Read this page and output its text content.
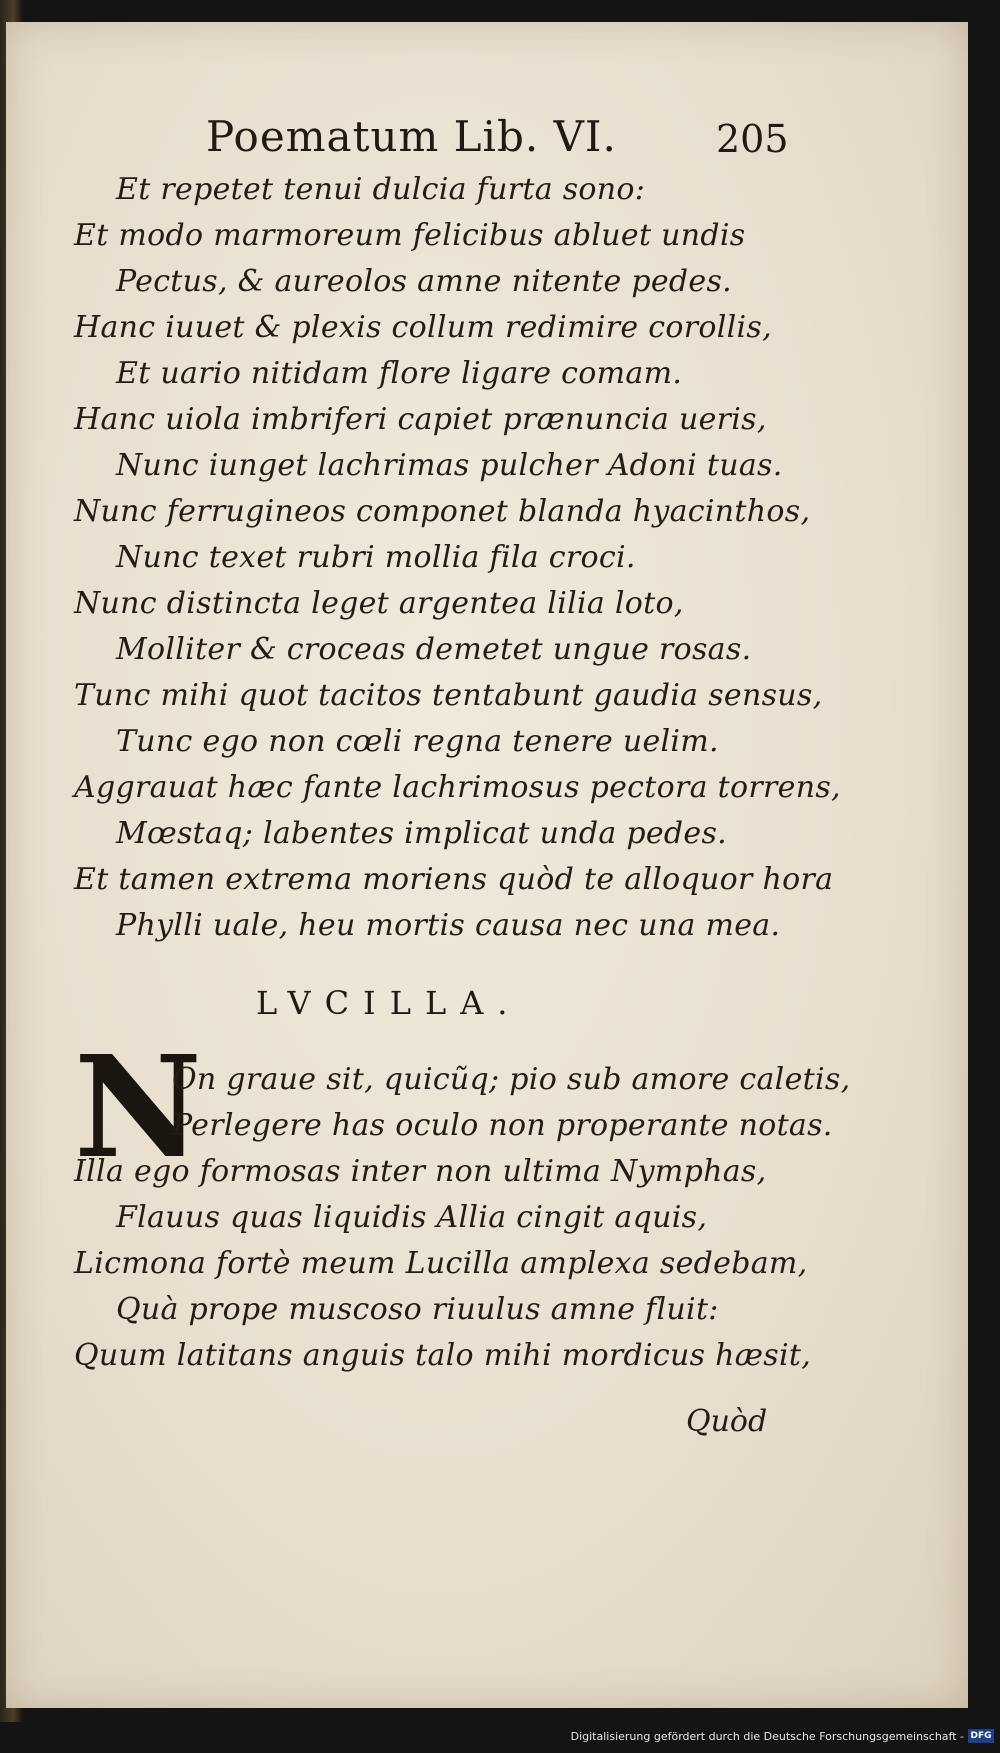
Poematum Lib. VI.	205
Et repetet tenui dulcia furta sono:
Et modo marmoreum felicibus abluet undis
Pectus, & aureolos amne nitente pedes.
Hanc iuuet & plexis collum redimire corollis,
Et uario nitidam flore ligare comam.
Hanc uiola imbriferi capiet prænuncia ueris,
Nunc iunget lachrimas pulcher Adoni tuas.
Nunc ferrugineos componet blanda hyacinthos,
Nunc texet rubri mollia fila croci.
Nunc distincta leget argentea lilia loto,
Molliter & croceas demetet ungue rosas.
Tunc mihi quot tacitos tentabunt gaudia sensus,
Tunc ego non cœli regna tenere uelim.
Aggrauat hæc fante lachrimosus pectora torrens,
Mœstaq; labentes implicat unda pedes.
Et tamen extrema moriens quòd te alloquor hora
Phylli uale, heu mortis causa nec una mea.
LVCILLA.
N
On graue sit, quicũq; pio sub amore caletis,
Perlegere has oculo non properante notas.
Illa ego formosas inter non ultima Nymphas,
Flauus quas liquidis Allia cingit aquis,
Licmona fortè meum Lucilla amplexa sedebam,
Quà prope muscoso riuulus amne fluit:
Quum latitans anguis talo mihi mordicus hæsit,
Quòd
Digitalisierung gefördert durch die Deutsche Forschungsgemeinschaft - DFG
